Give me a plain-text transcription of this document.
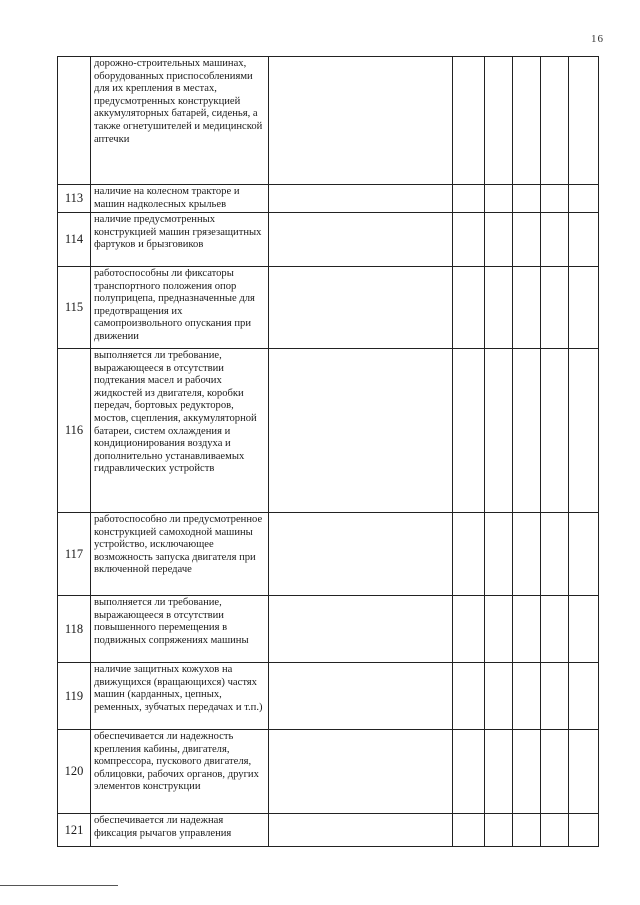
16
	дорожно-строительных машинах, оборудованных приспособлениями для их крепления в местах, предусмотренных конструкцией аккумуляторных батарей, сиденья, а также огнетушителей и медицинской аптечки						
113	наличие на колесном тракторе и машин надколесных крыльев						
114	наличие предусмотренных конструкцией машин грязезащитных фартуков и брызговиков						
115	работоспособны ли фиксаторы транспортного положения опор полуприцепа, предназначенные для предотвращения их самопроизвольного опускания при движении						
116	выполняется ли требование, выражающееся в отсутствии подтекания масел и рабочих жидкостей из двигателя, коробки передач, бортовых редукторов, мостов, сцепления, аккумуляторной батареи, систем охлаждения и кондиционирования воздуха и дополнительно устанавливаемых гидравлических устройств						
117	работоспособно ли предусмотренное конструкцией самоходной машины устройство, исключающее возможность запуска двигателя при включенной передаче						
118	выполняется ли требование, выражающееся в отсутствии повышенного перемещения в подвижных сопряжениях машины						
119	наличие защитных кожухов на движущихся (вращающихся) частях машин (карданных, цепных, ременных, зубчатых передачах и т.п.)						
120	обеспечивается ли надежность крепления кабины, двигателя, компрессора, пускового двигателя, облицовки, рабочих органов, других элементов конструкции						
121	обеспечивается ли надежная фиксация рычагов управления						
